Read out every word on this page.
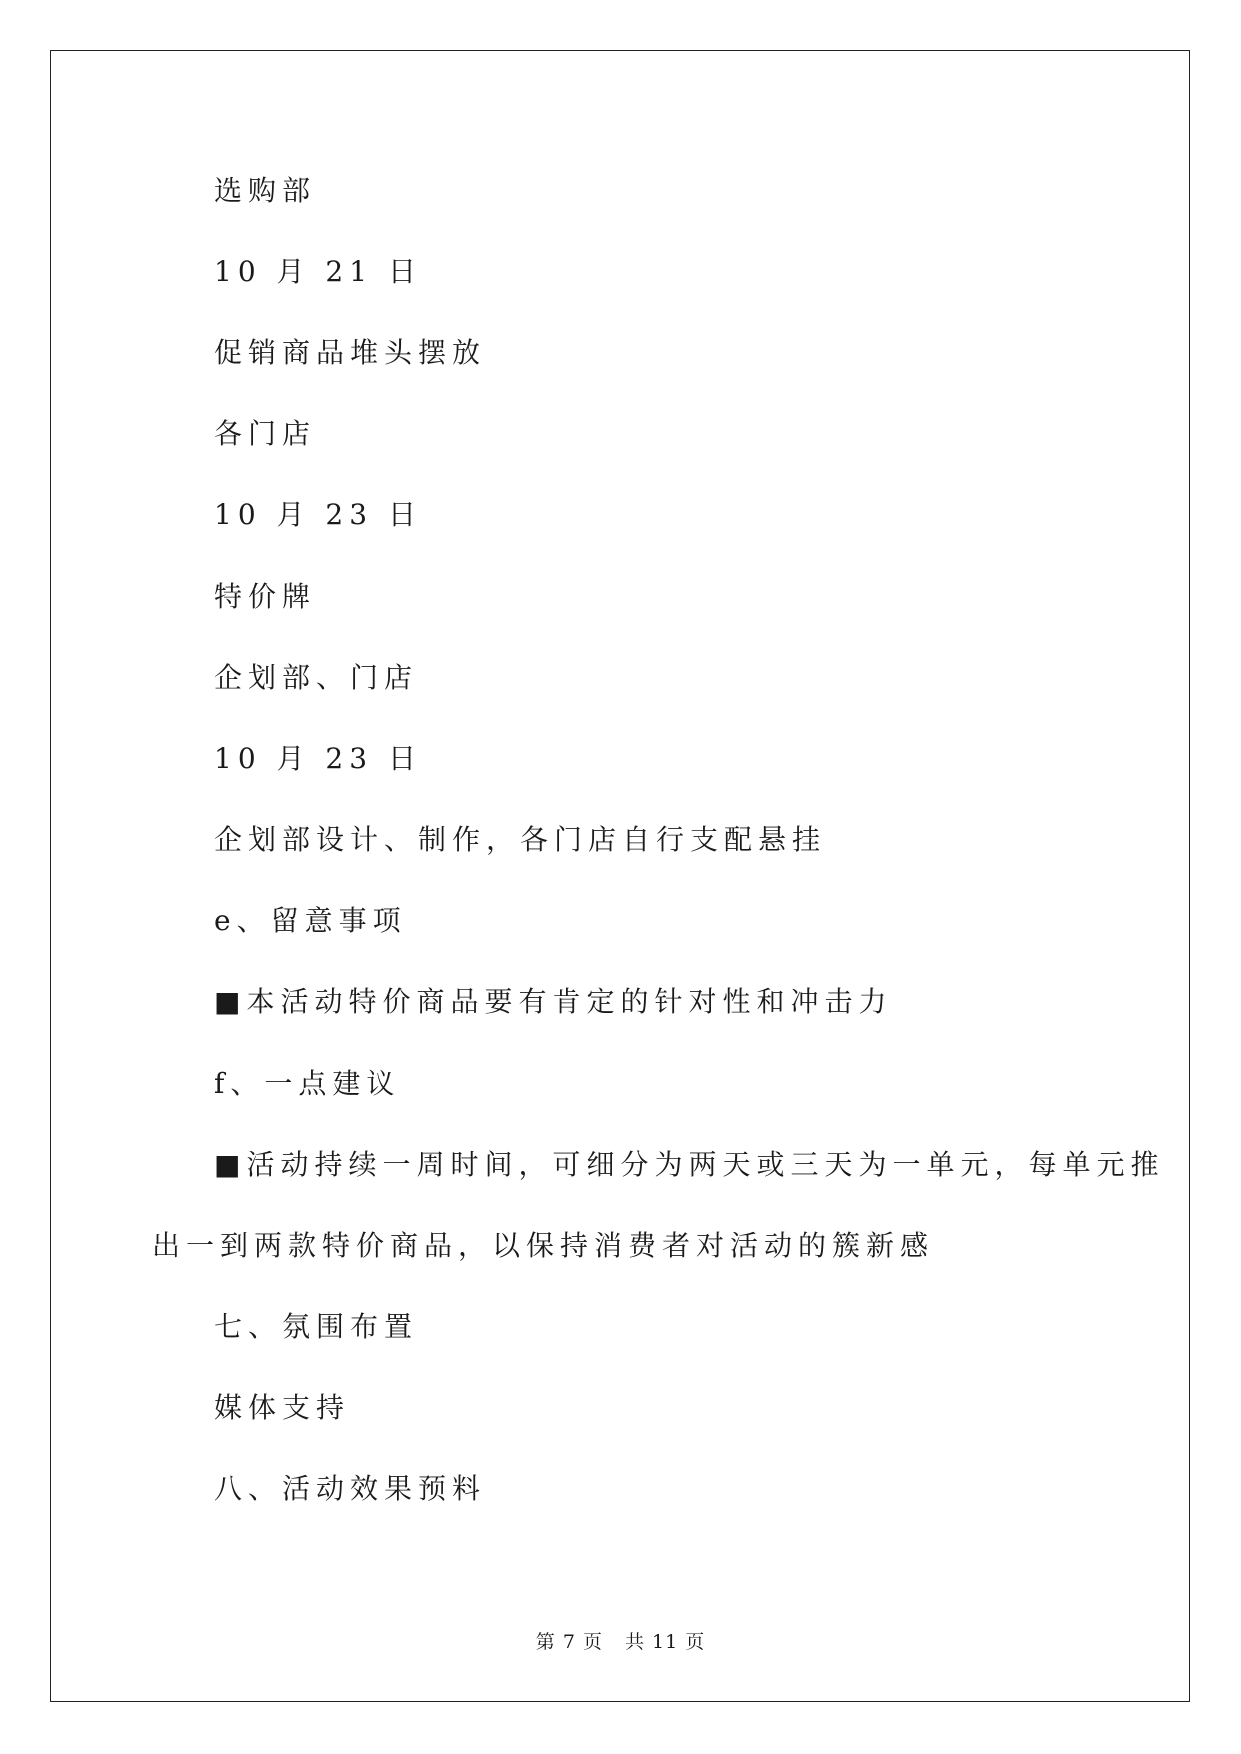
选购部
10 月 21 日
促销商品堆头摆放
各门店
10 月 23 日
特价牌
企划部、门店
10 月 23 日
企划部设计、制作，各门店自行支配悬挂
e、留意事项
■本活动特价商品要有肯定的针对性和冲击力
f、一点建议
■活动持续一周时间，可细分为两天或三天为一单元，每单元推
出一到两款特价商品，以保持消费者对活动的簇新感
七、氛围布置
媒体支持
八、活动效果预料
第 7 页 共 11 页
